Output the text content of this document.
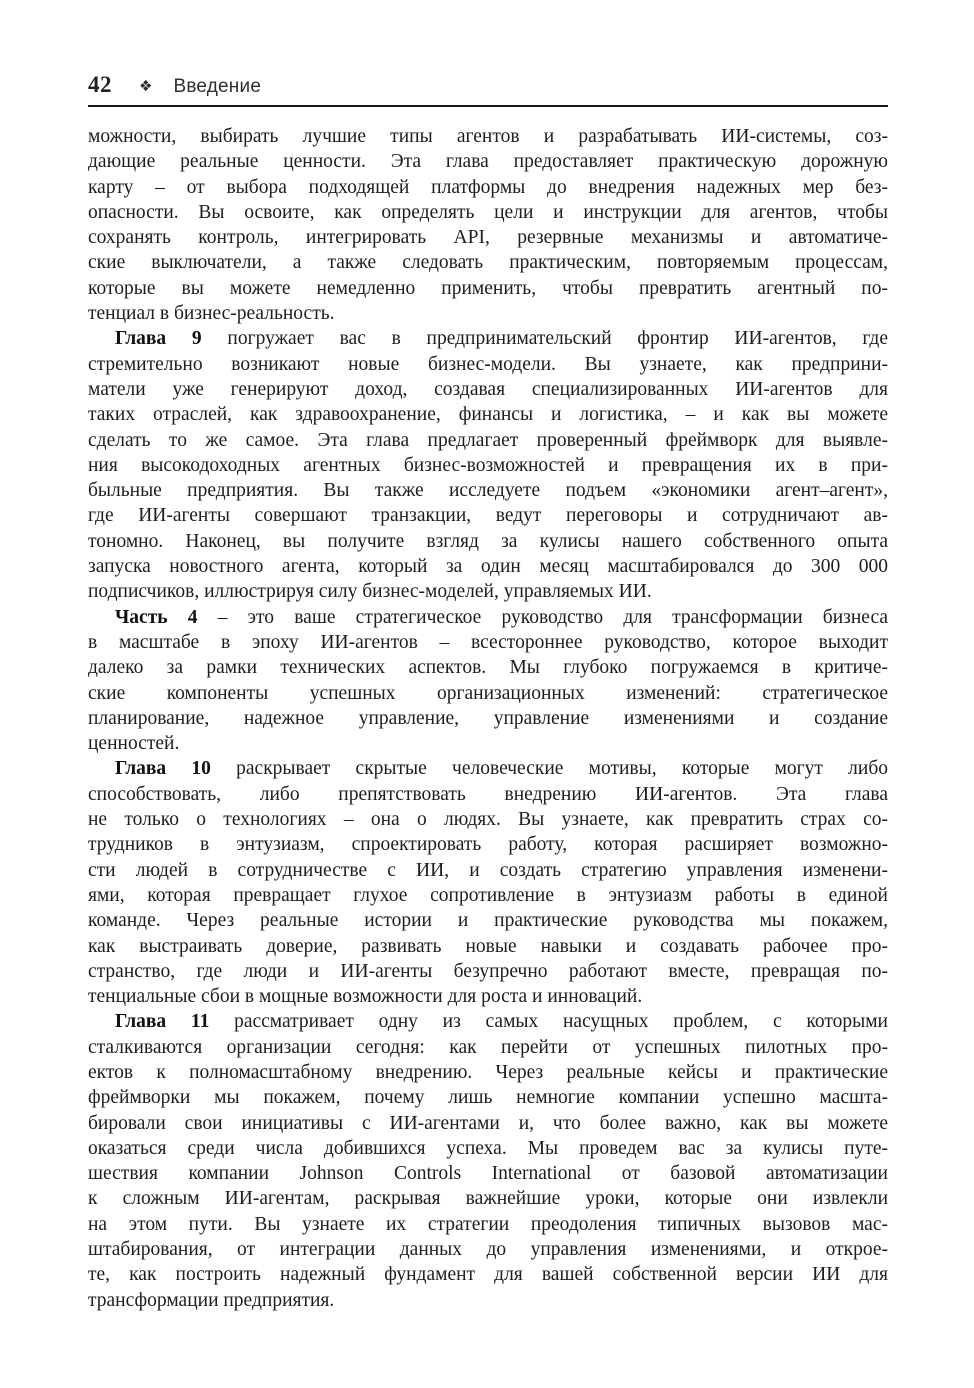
42 ❖ Введение
можности, выбирать лучшие типы агентов и разрабатывать ИИ-системы, соз-
дающие реальные ценности. Эта глава предоставляет практическую дорожную
карту – от выбора подходящей платформы до внедрения надежных мер без-
опасности. Вы освоите, как определять цели и инструкции для агентов, чтобы
сохранять контроль, интегрировать API, резервные механизмы и автоматиче-
ские выключатели, а также следовать практическим, повторяемым процессам,
которые вы можете немедленно применить, чтобы превратить агентный по-
тенциал в бизнес-реальность.
Глава 9 погружает вас в предпринимательский фронтир ИИ-агентов, где
стремительно возникают новые бизнес-модели. Вы узнаете, как предприни-
матели уже генерируют доход, создавая специализированных ИИ-агентов для
таких отраслей, как здравоохранение, финансы и логистика, – и как вы можете
сделать то же самое. Эта глава предлагает проверенный фреймворк для выявле-
ния высокодоходных агентных бизнес-возможностей и превращения их в при-
быльные предприятия. Вы также исследуете подъем «экономики агент–агент»,
где ИИ-агенты совершают транзакции, ведут переговоры и сотрудничают ав-
тономно. Наконец, вы получите взгляд за кулисы нашего собственного опыта
запуска новостного агента, который за один месяц масштабировался до 300 000
подписчиков, иллюстрируя силу бизнес-моделей, управляемых ИИ.
Часть 4 – это ваше стратегическое руководство для трансформации бизнеса
в масштабе в эпоху ИИ-агентов – всестороннее руководство, которое выходит
далеко за рамки технических аспектов. Мы глубоко погружаемся в критиче-
ские компоненты успешных организационных изменений: стратегическое
планирование, надежное управление, управление изменениями и создание
ценностей.
Глава 10 раскрывает скрытые человеческие мотивы, которые могут либо
способствовать, либо препятствовать внедрению ИИ-агентов. Эта глава
не только о технологиях – она о людях. Вы узнаете, как превратить страх со-
трудников в энтузиазм, спроектировать работу, которая расширяет возможно-
сти людей в сотрудничестве с ИИ, и создать стратегию управления изменени-
ями, которая превращает глухое сопротивление в энтузиазм работы в единой
команде. Через реальные истории и практические руководства мы покажем,
как выстраивать доверие, развивать новые навыки и создавать рабочее про-
странство, где люди и ИИ-агенты безупречно работают вместе, превращая по-
тенциальные сбои в мощные возможности для роста и инноваций.
Глава 11 рассматривает одну из самых насущных проблем, с которыми
сталкиваются организации сегодня: как перейти от успешных пилотных про-
ектов к полномасштабному внедрению. Через реальные кейсы и практические
фреймворки мы покажем, почему лишь немногие компании успешно масшта-
бировали свои инициативы с ИИ-агентами и, что более важно, как вы можете
оказаться среди числа добившихся успеха. Мы проведем вас за кулисы путе-
шествия компании Johnson Controls International от базовой автоматизации
к сложным ИИ-агентам, раскрывая важнейшие уроки, которые они извлекли
на этом пути. Вы узнаете их стратегии преодоления типичных вызовов мас-
штабирования, от интеграции данных до управления изменениями, и открое-
те, как построить надежный фундамент для вашей собственной версии ИИ для
трансформации предприятия.
